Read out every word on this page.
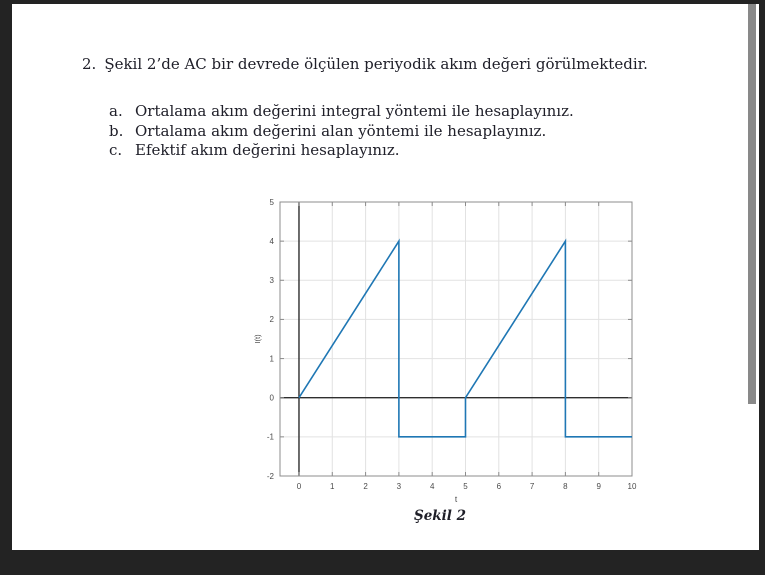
2. Şekil 2’de AC bir devrede ölçülen periyodik akım değeri görülmektedir.
a. Ortalama akım değerini integral yöntemi ile hesaplayınız.
b. Ortalama akım değerini alan yöntemi ile hesaplayınız.
c. Efektif akım değerini hesaplayınız.
0	1	2	3	4	5	6	7	8	9	10
-2
-1
0
1
2
3
4
5
t
I(t)
Şekil 2
